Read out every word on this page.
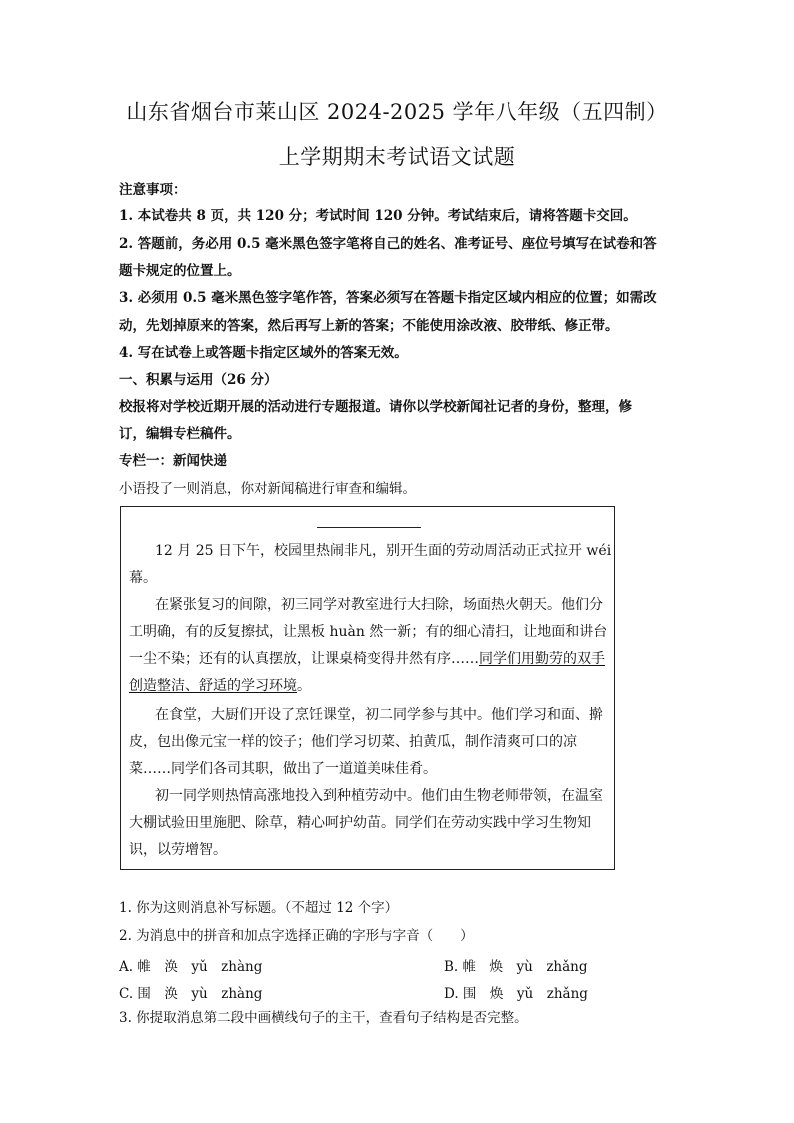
山东省烟台市莱山区 2024-2025 学年八年级（五四制）
上学期期末考试语文试题
注意事项：
1. 本试卷共 8 页，共 120 分；考试时间 120 分钟。考试结束后，请将答题卡交回。
2. 答题前，务必用 0.5 毫米黑色签字笔将自己的姓名、准考证号、座位号填写在试卷和答
题卡规定的位置上。
3. 必须用 0.5 毫米黑色签字笔作答，答案必须写在答题卡指定区域内相应的位置；如需改
动，先划掉原来的答案，然后再写上新的答案；不能使用涂改液、胶带纸、修正带。
4. 写在试卷上或答题卡指定区域外的答案无效。
一、积累与运用（26 分）
校报将对学校近期开展的活动进行专题报道。请你以学校新闻社记者的身份，整理，修
订，编辑专栏稿件。
专栏一：新闻快递
小语投了一则消息，你对新闻稿进行审查和编辑。
12 月 25 日下午，校园里热闹非凡，别开生面的劳动周活动正式拉开 wéi
幕。
在紧张复习的间隙，初三同学对教室进行大扫除，场面热火朝天。他们分
工明确，有的反复擦拭，让黑板 huàn 然一新；有的细心清扫，让地面和讲台
一尘不染；还有的认真摆放，让课桌椅变得井然有序……同学们用勤劳的双手
创造整洁、舒适的学习环境。
在食堂，大厨们开设了烹饪课堂，初二同学参与其中。他们学习和面、擀
皮，包出像元宝一样的饺子；他们学习切菜、拍黄瓜，制作清爽可口的凉
菜……同学们各司其职，做出了一道道美味佳肴。
初一同学则热情高涨地投入到种植劳动中。他们由生物老师带领，在温室
大棚试验田里施肥、除草，精心呵护幼苗。同学们在劳动实践中学习生物知
识，以劳增智。
1. 你为这则消息补写标题。（不超过 12 个字）
2. 为消息中的拼音和加点字选择正确的字形与字音（　　）
A. 帷　涣　yǔ　zhàng	B. 帷　焕　yù　zhǎng
C. 围　涣　yù　zhàng	D. 围　焕　yǔ　zhǎng
3. 你提取消息第二段中画横线句子的主干，查看句子结构是否完整。
